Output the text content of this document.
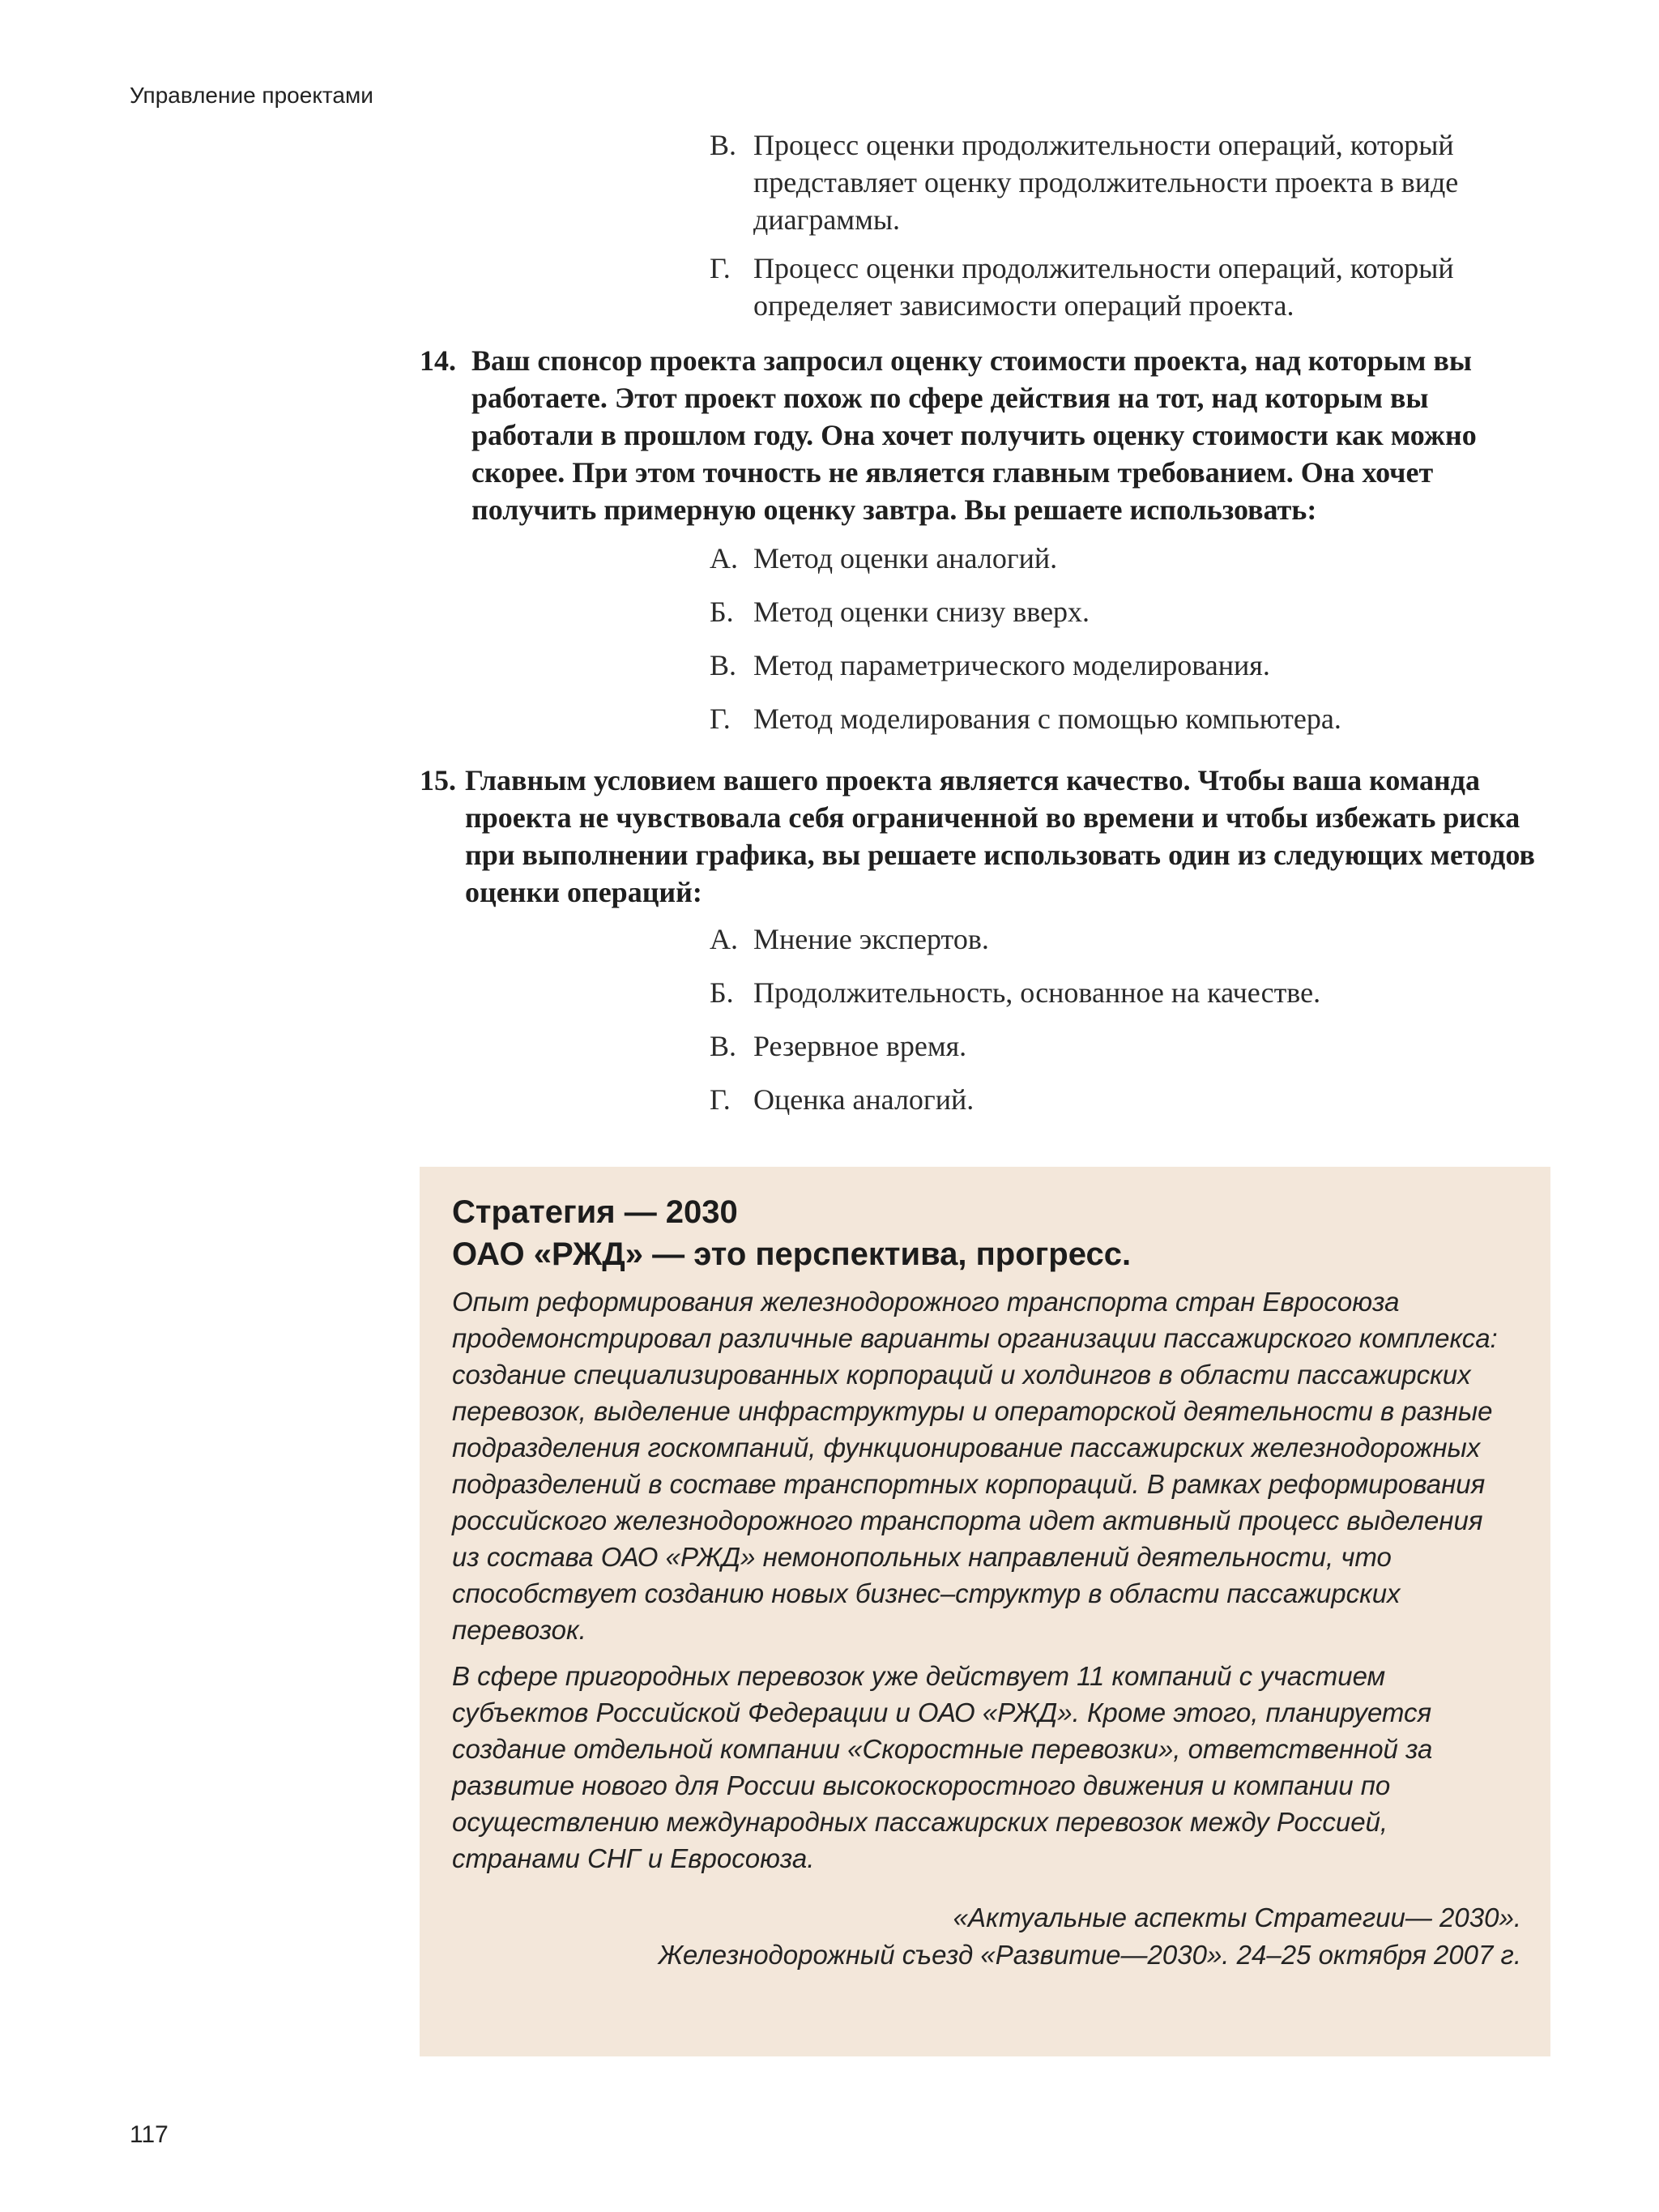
Управление проектами
В. Процесс оценки продолжительности операций, который представляет оценку продолжительности проекта в виде диаграммы.
Г. Процесс оценки продолжительности операций, который определяет зависимости операций проекта.
14. Ваш спонсор проекта запросил оценку стоимости проекта, над которым вы работаете. Этот проект похож по сфере действия на тот, над которым вы работали в прошлом году. Она хочет получить оценку стоимости как можно скорее. При этом точность не является главным требованием. Она хочет получить примерную оценку завтра. Вы решаете использовать:
А. Метод оценки аналогий.
Б. Метод оценки снизу вверх.
В. Метод параметрического моделирования.
Г. Метод моделирования с помощью компьютера.
15. Главным условием вашего проекта является качество. Чтобы ваша команда проекта не чувствовала себя ограниченной во времени и чтобы избежать риска при выполнении графика, вы решаете использовать один из следующих методов оценки операций:
А. Мнение экспертов.
Б. Продолжительность, основанное на качестве.
В. Резервное время.
Г. Оценка аналогий.
Стратегия — 2030
ОАО «РЖД» — это перспектива, прогресс.
Опыт реформирования железнодорожного транспорта стран Евросоюза продемонстрировал различные варианты организации пассажирского комплекса: создание специализированных корпораций и холдингов в области пассажирских перевозок, выделение инфраструктуры и операторской деятельности в разные подразделения госкомпаний, функционирование пассажирских железнодорожных подразделений в составе транспортных корпораций. В рамках реформирования российского железнодорожного транспорта идет активный процесс выделения из состава ОАО «РЖД» немонопольных направлений деятельности, что способствует созданию новых бизнес–структур в области пассажирских перевозок.
В сфере пригородных перевозок уже действует 11 компаний с участием субъектов Российской Федерации и ОАО «РЖД». Кроме этого, планируется создание отдельной компании «Скоростные перевозки», ответственной за развитие нового для России высокоскоростного движения и компании по осуществлению международных пассажирских перевозок между Россией, странами СНГ и Евросоюза.
«Актуальные аспекты Стратегии— 2030».
Железнодорожный съезд «Развитие—2030». 24–25 октября 2007 г.
117
